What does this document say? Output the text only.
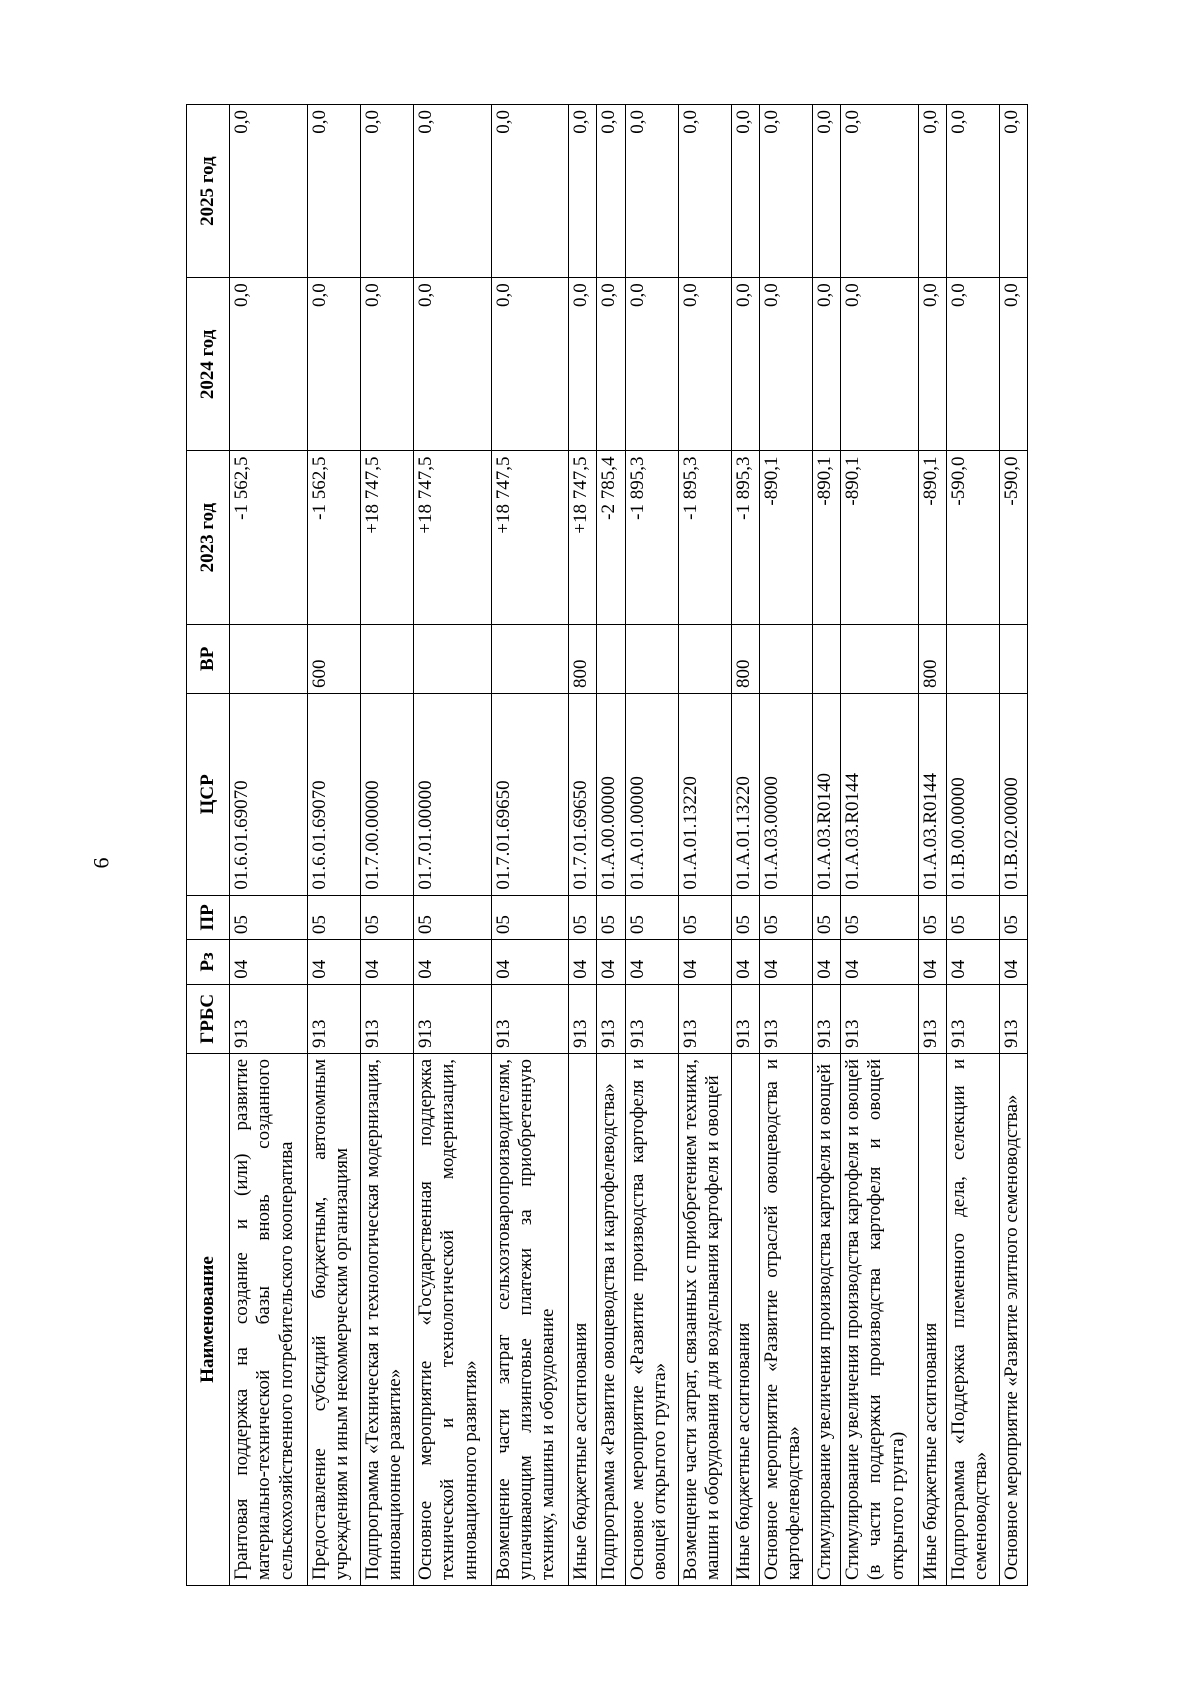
6
Наименование	ГРБС	Рз	ПР	ЦСР	ВР	2023 год	2024 год	2025 год
Грантовая поддержка на создание и (или) развитие материально-технической базы вновь созданного сельскохозяйственного потребительского кооператива	913	04	05	01.6.01.69070		-1 562,5	0,0	0,0
Предоставление субсидий бюджетным, автономным учреждениям и иным некоммерческим организациям	913	04	05	01.6.01.69070	600	-1 562,5	0,0	0,0
Подпрограмма «Техническая и технологическая модернизация, инновационное развитие»	913	04	05	01.7.00.00000		+18 747,5	0,0	0,0
Основное мероприятие «Государственная поддержка технической и технологической модернизации, инновационного развития»	913	04	05	01.7.01.00000		+18 747,5	0,0	0,0
Возмещение части затрат сельхозтоваропроизводителям, уплачивающим лизинговые платежи за приобретенную технику, машины и оборудование	913	04	05	01.7.01.69650		+18 747,5	0,0	0,0
Иные бюджетные ассигнования	913	04	05	01.7.01.69650	800	+18 747,5	0,0	0,0
Подпрограмма «Развитие овощеводства и картофелеводства»	913	04	05	01.А.00.00000		-2 785,4	0,0	0,0
Основное мероприятие «Развитие производства картофеля и овощей открытого грунта»	913	04	05	01.А.01.00000		-1 895,3	0,0	0,0
Возмещение части затрат, связанных с приобретением техники, машин и оборудования для возделывания картофеля и овощей	913	04	05	01.А.01.13220		-1 895,3	0,0	0,0
Иные бюджетные ассигнования	913	04	05	01.А.01.13220	800	-1 895,3	0,0	0,0
Основное мероприятие «Развитие отраслей овощеводства и картофелеводства»	913	04	05	01.А.03.00000		-890,1	0,0	0,0
Стимулирование увеличения производства картофеля и овощей	913	04	05	01.А.03.R0140		-890,1	0,0	0,0
Стимулирование увеличения производства картофеля и овощей (в части поддержки производства картофеля и овощей открытого грунта)	913	04	05	01.А.03.R0144		-890,1	0,0	0,0
Иные бюджетные ассигнования	913	04	05	01.А.03.R0144	800	-890,1	0,0	0,0
Подпрограмма «Поддержка племенного дела, селекции и семеноводства»	913	04	05	01.В.00.00000		-590,0	0,0	0,0
Основное мероприятие «Развитие элитного семеноводства»	913	04	05	01.В.02.00000		-590,0	0,0	0,0
